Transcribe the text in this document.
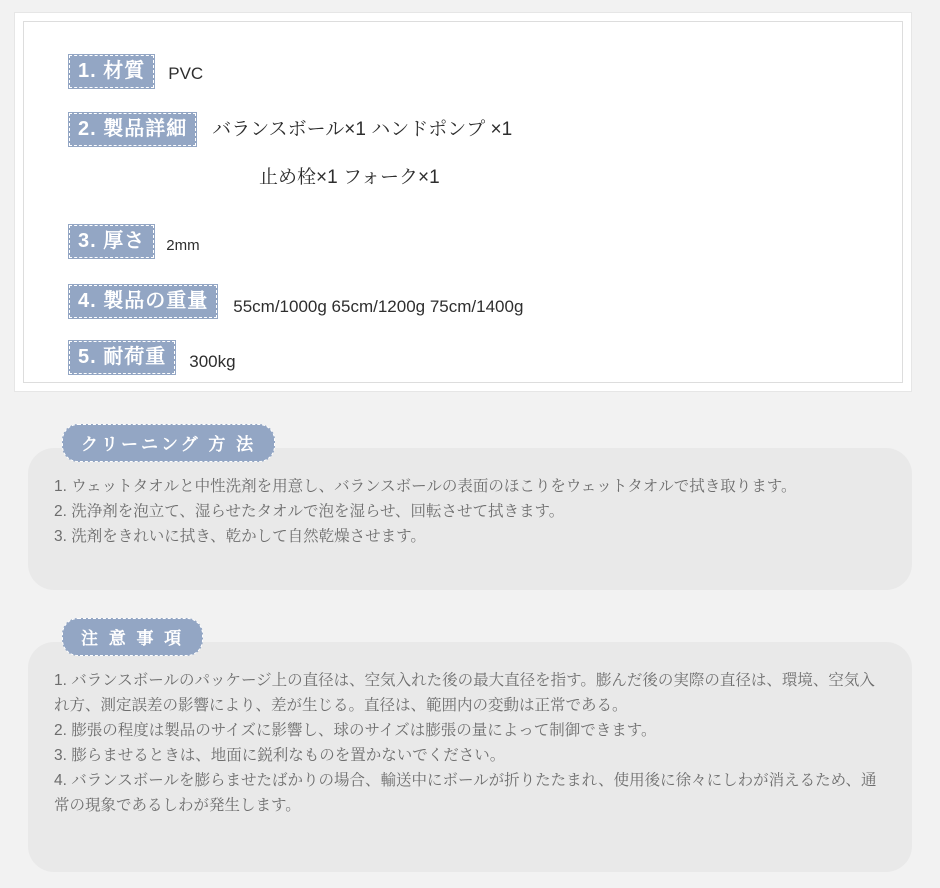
1. 材質	PVC
2. 製品詳細	バランスボール×1 ハンドポンプ ×1
止め栓×1 フォーク×1
3. 厚さ	2mm
4. 製品の重量	55cm/1000g 65cm/1200g 75cm/1400g
5. 耐荷重	300kg
クリーニング 方 法

1. ウェットタオルと中性洗剤を用意し、バランスボールの表面のほこりをウェットタオルで拭き取ります。

2. 洗浄剤を泡立て、湿らせたタオルで泡を湿らせ、回転させて拭きます。

3. 洗剤をきれいに拭き、乾かして自然乾燥させます。

注 意 事 項

1. バランスボールのパッケージ上の直径は、空気入れた後の最大直径を指す。膨んだ後の実際の直径は、環境、空気入れ方、測定誤差の影響により、差が生じる。直径は、範囲内の変動は正常である。

2. 膨張の程度は製品のサイズに影響し、球のサイズは膨張の量によって制御できます。

3. 膨らませるときは、地面に鋭利なものを置かないでください。

4. バランスボールを膨らませたばかりの場合、輸送中にボールが折りたたまれ、使用後に徐々にしわが消えるため、通常の現象であるしわが発生します。
